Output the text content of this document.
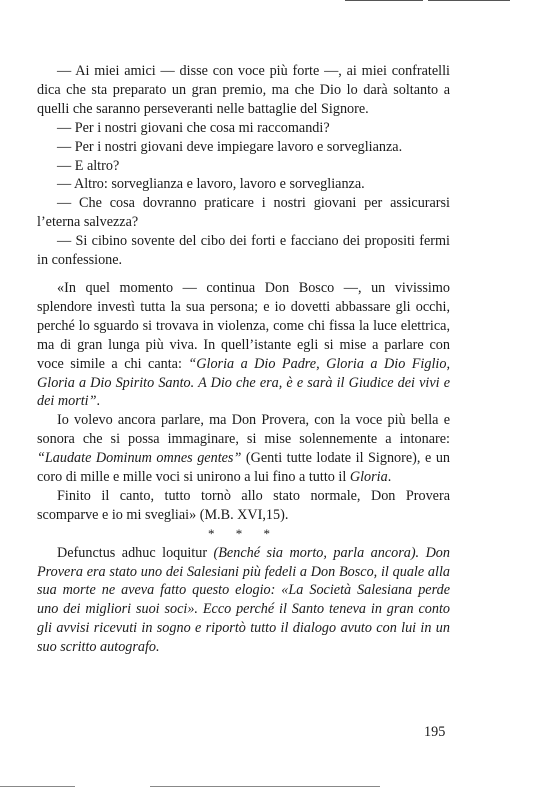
— Ai miei amici — disse con voce più forte —, ai miei confratelli dica che sta preparato un gran premio, ma che Dio lo darà soltanto a quelli che saranno perseveranti nelle battaglie del Signore.

— Per i nostri giovani che cosa mi raccomandi?

— Per i nostri giovani deve impiegare lavoro e sorveglianza.

— E altro?

— Altro: sorveglianza e lavoro, lavoro e sorveglianza.

— Che cosa dovranno praticare i nostri giovani per assicurarsi l’eterna salvezza?

— Si cibino sovente del cibo dei forti e facciano dei propositi fermi in confessione.

«In quel momento — continua Don Bosco —, un vivissimo splendore investì tutta la sua persona; e io dovetti abbassare gli occhi, perché lo sguardo si trovava in violenza, come chi fissa la luce elettrica, ma di gran lunga più viva. In quell’istante egli si mise a parlare con voce simile a chi canta: “Gloria a Dio Padre, Gloria a Dio Figlio, Gloria a Dio Spirito Santo. A Dio che era, è e sarà il Giudice dei vivi e dei morti”.

Io volevo ancora parlare, ma Don Provera, con la voce più bella e sonora che si possa immaginare, si mise solennemente a intonare: “Laudate Dominum omnes gentes” (Genti tutte lodate il Signore), e un coro di mille e mille voci si unirono a lui fino a tutto il Gloria.

Finito il canto, tutto tornò allo stato normale, Don Provera scomparve e io mi svegliai» (M.B. XVI,15).

* * *

Defunctus adhuc loquitur (Benché sia morto, parla ancora). Don Provera era stato uno dei Salesiani più fedeli a Don Bosco, il quale alla sua morte ne aveva fatto questo elogio: «La Società Salesiana perde uno dei migliori suoi soci». Ecco perché il Santo teneva in gran conto gli avvisi ricevuti in sogno e riportò tutto il dialogo avuto con lui in un suo scritto autografo.

195
